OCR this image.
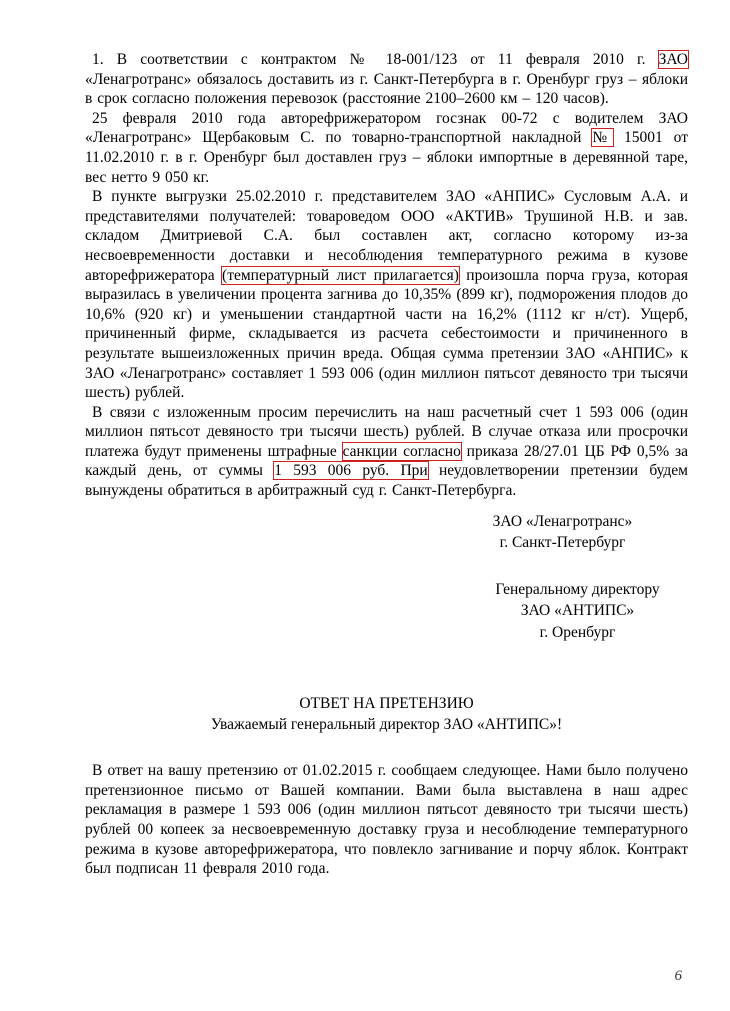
1. В соответствии с контрактом № 18-001/123 от 11 февраля 2010 г. ЗАО «Ленагротранс» обязалось доставить из г. Санкт-Петербурга в г. Оренбург груз – яблоки в срок согласно положения перевозок (расстояние 2100–2600 км – 120 часов).

25 февраля 2010 года авторефрижератором госзнак 00-72 с водителем ЗАО «Ленагротранс» Щербаковым С. по товарно-транспортной накладной № 15001 от 11.02.2010 г. в г. Оренбург был доставлен груз – яблоки импортные в деревянной таре, вес нетто 9 050 кг.

В пункте выгрузки 25.02.2010 г. представителем ЗАО «АНПИС» Сусловым А.А. и представителями получателей: товароведом ООО «АКТИВ» Трушиной Н.В. и зав. складом Дмитриевой С.А. был составлен акт, согласно которому из-за несвоевременности доставки и несоблюдения температурного режима в кузове авторефрижератора (температурный лист прилагается) произошла порча груза, которая выразилась в увеличении процента загнива до 10,35% (899 кг), подморожения плодов до 10,6% (920 кг) и уменьшении стандартной части на 16,2% (1112 кг н/ст). Ущерб, причиненный фирме, складывается из расчета себестоимости и причиненного в результате вышеизложенных причин вреда. Общая сумма претензии ЗАО «АНПИС» к ЗАО «Ленагротранс» составляет 1 593 006 (один миллион пятьсот девяносто три тысячи шесть) рублей.

В связи с изложенным просим перечислить на наш расчетный счет 1 593 006 (один миллион пятьсот девяносто три тысячи шесть) рублей. В случае отказа или просрочки платежа будут применены штрафные санкции согласно приказа 28/27.01 ЦБ РФ 0,5% за каждый день, от суммы 1 593 006 руб. При неудовлетворении претензии будем вынуждены обратиться в арбитражный суд г. Санкт-Петербурга.

ЗАО «Ленагротранс»
г. Санкт-Петербург
Генеральному директору
ЗАО «АНТИПС»
г. Оренбург
ОТВЕТ НА ПРЕТЕНЗИЮ
Уважаемый генеральный директор ЗАО «АНТИПС»!

В ответ на вашу претензию от 01.02.2015 г. сообщаем следующее. Нами было получено претензионное письмо от Вашей компании. Вами была выставлена в наш адрес рекламация в размере 1 593 006 (один миллион пятьсот девяносто три тысячи шесть) рублей 00 копеек за несвоевременную доставку груза и несоблюдение температурного режима в кузове авторефрижератора, что повлекло загнивание и порчу яблок. Контракт был подписан 11 февраля 2010 года.

6
